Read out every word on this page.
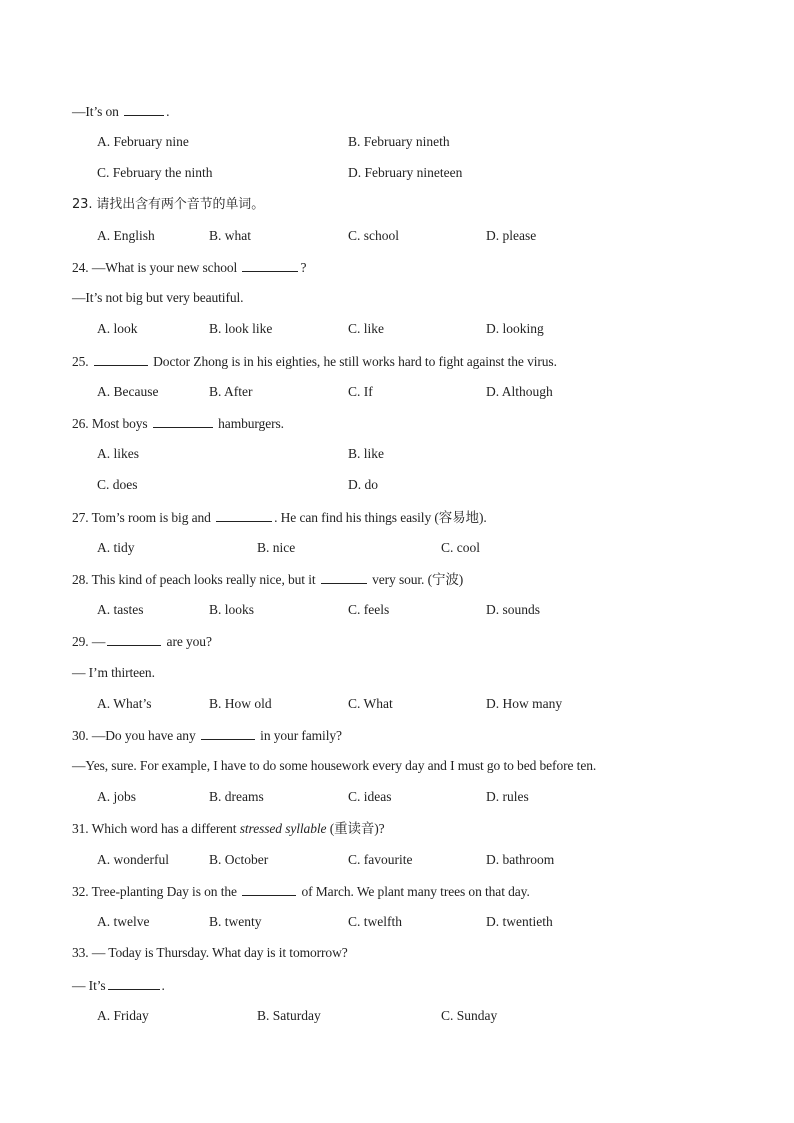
—It’s on	.
A. February nine	B. February nineth
C. February the ninth	D. February nineteen
23. 请找出含有两个音节的单词。
A. English	B. what	C. school	D. please
24. —What is your new school	?
—It’s not big but very beautiful.
A. look	B. look like	C. like	D. looking
25.	Doctor Zhong is in his eighties, he still works hard to fight against the virus.
A. Because	B. After	C. If	D. Although
26. Most boys	hamburgers.
A. likes	B. like
C. does	D. do
27. Tom’s room is big and	. He can find his things easily (容易地).
A. tidy	B. nice	C. cool
28. This kind of peach looks really nice, but it	very sour. (宁波)
A. tastes	B. looks	C. feels	D. sounds
29. —	are you?
— I’m thirteen.
A. What’s	B. How old	C. What	D. How many
30. —Do you have any	in your family?
—Yes, sure. For example, I have to do some housework every day and I must go to bed before ten.
A. jobs	B. dreams	C. ideas	D. rules
31. Which word has a different stressed syllable (重读音)?
A. wonderful	B. October	C. favourite	D. bathroom
32. Tree-planting Day is on the	of March. We plant many trees on that day.
A. twelve	B. twenty	C. twelfth	D. twentieth
33. — Today is Thursday. What day is it tomorrow?
— It’s	.
A. Friday	B. Saturday	C. Sunday
